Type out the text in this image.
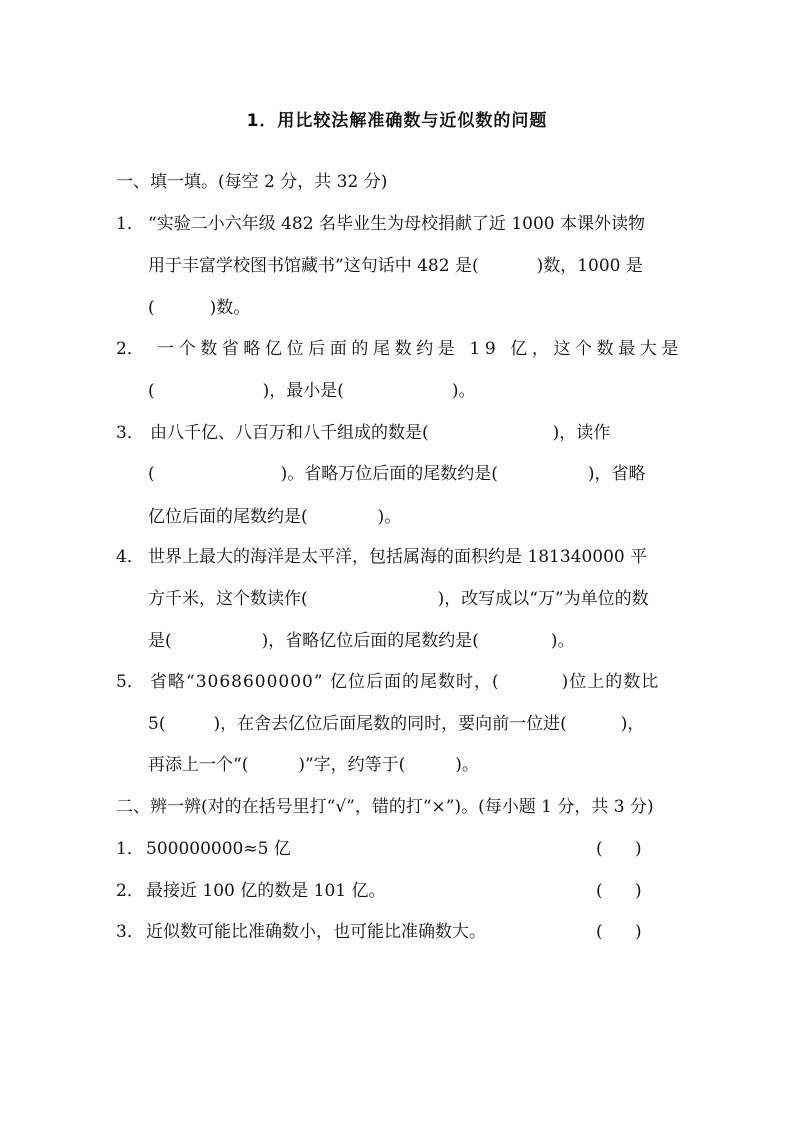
1．用比较法解准确数与近似数的问题
一、填一填。(每空 2 分，共 32 分)
1． “实验二小六年级 482 名毕业生为母校捐献了近 1000 本课外读物
用于丰富学校图书馆藏书”这句话中 482 是(	)数，1000 是
(	)数。
2． 一个数省略亿位后面的尾数约是 19 亿，这个数最大是
(	)，最小是(	)。
3． 由八千亿、八百万和八千组成的数是(	)，读作
(	)。省略万位后面的尾数约是(	)，省略
亿位后面的尾数约是(	)。
4． 世界上最大的海洋是太平洋，包括属海的面积约是 181340000 平
方千米，这个数读作(	)，改写成以“万”为单位的数
是(	)，省略亿位后面的尾数约是(	)。
5． 省略“3068600000” 亿位后面的尾数时，(	)位上的数比
5(	)，在舍去亿位后面尾数的同时，要向前一位进(	)，
再添上一个“(	)”字，约等于(	)。
二、辨一辨(对的在括号里打“√”，错的打“×”)。(每小题 1 分，共 3 分)
1． 500000000≈5 亿	(      )
2． 最接近 100 亿的数是 101 亿。	(      )
3． 近似数可能比准确数小，也可能比准确数大。	(      )
